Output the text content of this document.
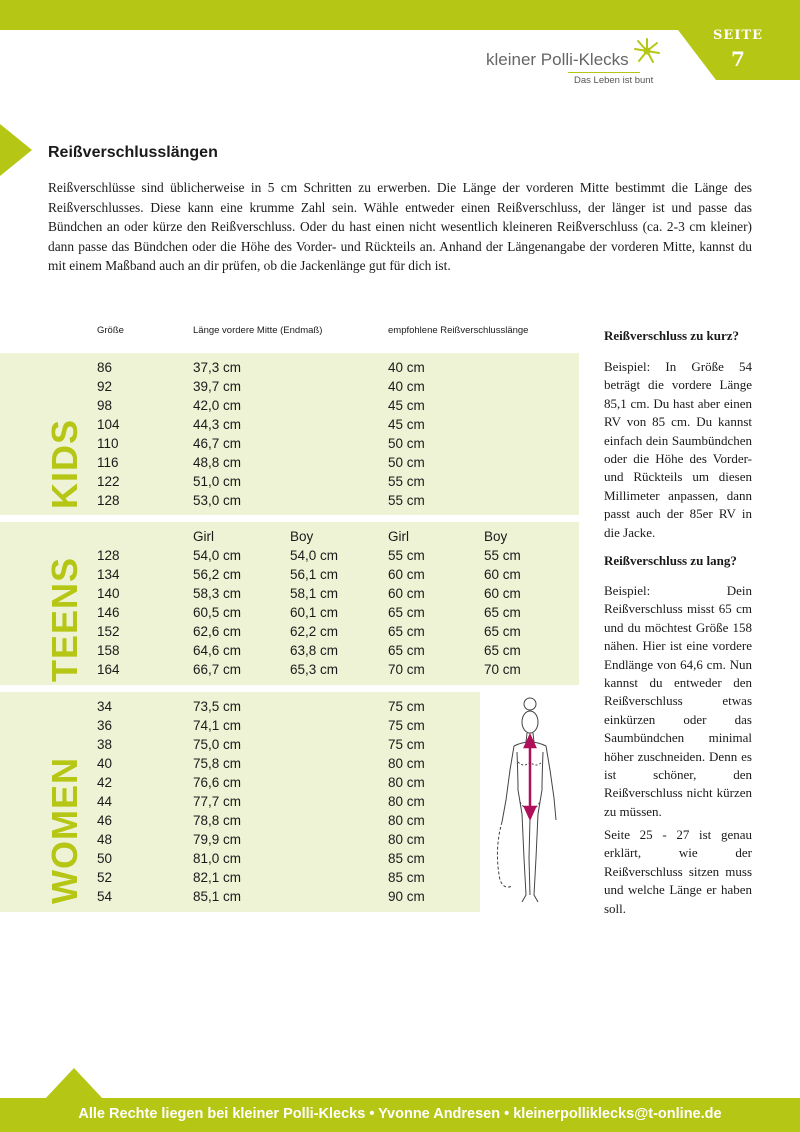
SEITE
7
kleiner Polli-Klecks
Das Leben ist bunt
Reißverschlusslängen

Reißverschlüsse sind üblicherweise in 5 cm Schritten zu erwerben. Die Länge der vorderen Mitte bestimmt die Länge des Reißverschlusses. Diese kann eine krumme Zahl sein. Wähle entweder einen Reißverschluss, der länger ist und passe das Bündchen an oder kürze den Reißverschluss. Oder du hast einen nicht wesentlich kleineren Reißverschluss (ca. 2-3 cm kleiner) dann passe das Bündchen oder die Höhe des Vorder- und Rückteils an. Anhand der Längenangabe der vorderen Mitte, kannst du mit einem Maßband auch an dir prüfen, ob die Jackenlänge gut für dich ist.

Größe	Länge vordere Mitte (Endmaß)	empfohlene Reißverschlusslänge
KIDS
86	37,3 cm	40 cm
92	39,7 cm	40 cm
98	42,0 cm	45 cm
104	44,3 cm	45 cm
110	46,7 cm	50 cm
116	48,8 cm	50 cm
122	51,0 cm	55 cm
128	53,0 cm	55 cm
TEENS
Girl	Boy	Girl	Boy
128	54,0 cm	54,0 cm	55 cm	55 cm
134	56,2 cm	56,1 cm	60 cm	60 cm
140	58,3 cm	58,1 cm	60 cm	60 cm
146	60,5 cm	60,1 cm	65 cm	65 cm
152	62,6 cm	62,2 cm	65 cm	65 cm
158	64,6 cm	63,8 cm	65 cm	65 cm
164	66,7 cm	65,3 cm	70 cm	70 cm
WOMEN
34	73,5 cm	75 cm
36	74,1 cm	75 cm
38	75,0 cm	75 cm
40	75,8 cm	80 cm
42	76,6 cm	80 cm
44	77,7 cm	80 cm
46	78,8 cm	80 cm
48	79,9 cm	80 cm
50	81,0 cm	85 cm
52	82,1 cm	85 cm
54	85,1 cm	90 cm
Reißverschluss zu kurz?

Beispiel: In Größe 54 beträgt die vordere Länge 85,1 cm. Du hast aber einen RV von 85 cm. Du kannst einfach dein Saumbündchen oder die Höhe des Vorder- und Rückteils um diesen Millimeter anpassen, dann passt auch der 85er RV in die Jacke.

Reißverschluss zu lang?

Beispiel: Dein Reißverschluss misst 65 cm und du möchtest Größe 158 nähen. Hier ist eine vordere Endlänge von 64,6 cm. Nun kannst du entweder den Reißverschluss etwas einkürzen oder das Saumbündchen minimal höher zuschneiden. Denn es ist schöner, den Reißverschluss nicht kürzen zu müssen.

Seite 25 - 27 ist genau erklärt, wie der Reißverschluss sitzen muss und welche Länge er haben soll.

Alle Rechte liegen bei kleiner Polli-Klecks • Yvonne Andresen • kleinerpolliklecks@t-online.de
